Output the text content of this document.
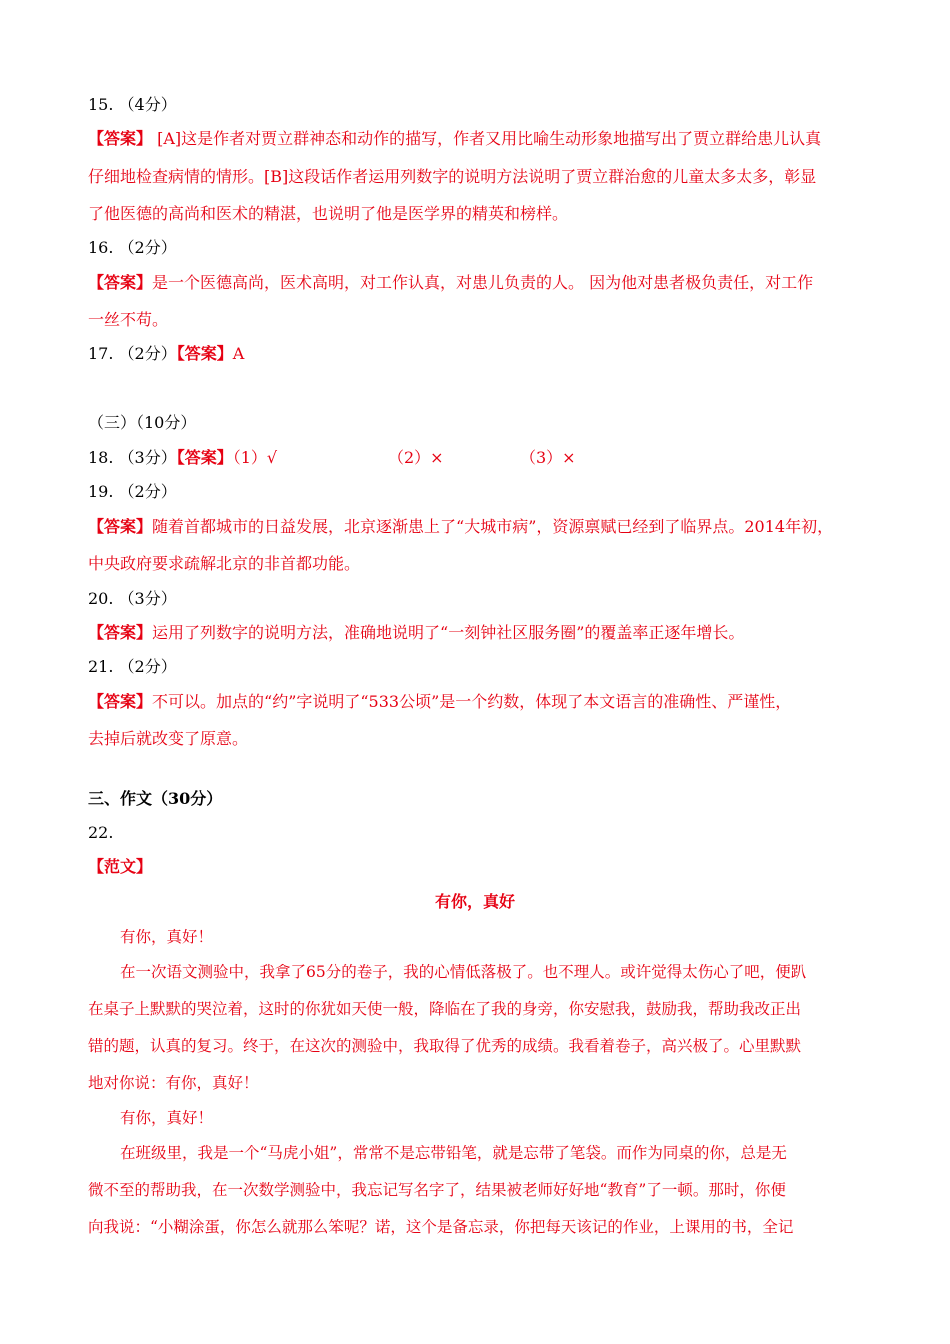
15. （4分）
【答案】 [A]这是作者对贾立群神态和动作的描写，作者又用比喻生动形象地描写出了贾立群给患儿认真
仔细地检查病情的情形。[B]这段话作者运用列数字的说明方法说明了贾立群治愈的儿童太多太多，彰显
了他医德的高尚和医术的精湛，也说明了他是医学界的精英和榜样。
16. （2分）
【答案】是一个医德高尚，医术高明，对工作认真，对患儿负责的人。 因为他对患者极负责任，对工作
一丝不苟。
17. （2分）【答案】A
（三）（10分）
18. （3分）【答案】（1）√	（2）×	（3）×
19. （2分）
【答案】随着首都城市的日益发展，北京逐渐患上了“大城市病”，资源禀赋已经到了临界点。2014年初，
中央政府要求疏解北京的非首都功能。
20. （3分）
【答案】运用了列数字的说明方法，准确地说明了“一刻钟社区服务圈”的覆盖率正逐年增长。
21. （2分）
【答案】不可以。加点的“约”字说明了“533公顷”是一个约数，体现了本文语言的准确性、严谨性，
去掉后就改变了原意。
三、作文（30分）
22.
【范文】
有你，真好
有你，真好！
在一次语文测验中，我拿了65分的卷子，我的心情低落极了。也不理人。或许觉得太伤心了吧，便趴
在桌子上默默的哭泣着，这时的你犹如天使一般，降临在了我的身旁，你安慰我，鼓励我，帮助我改正出
错的题，认真的复习。终于，在这次的测验中，我取得了优秀的成绩。我看着卷子，高兴极了。心里默默
地对你说：有你，真好！
有你，真好！
在班级里，我是一个“马虎小姐”，常常不是忘带铅笔，就是忘带了笔袋。而作为同桌的你，总是无
微不至的帮助我，在一次数学测验中，我忘记写名字了，结果被老师好好地“教育”了一顿。那时，你便
向我说：“小糊涂蛋，你怎么就那么笨呢？诺，这个是备忘录，你把每天该记的作业，上课用的书，全记
